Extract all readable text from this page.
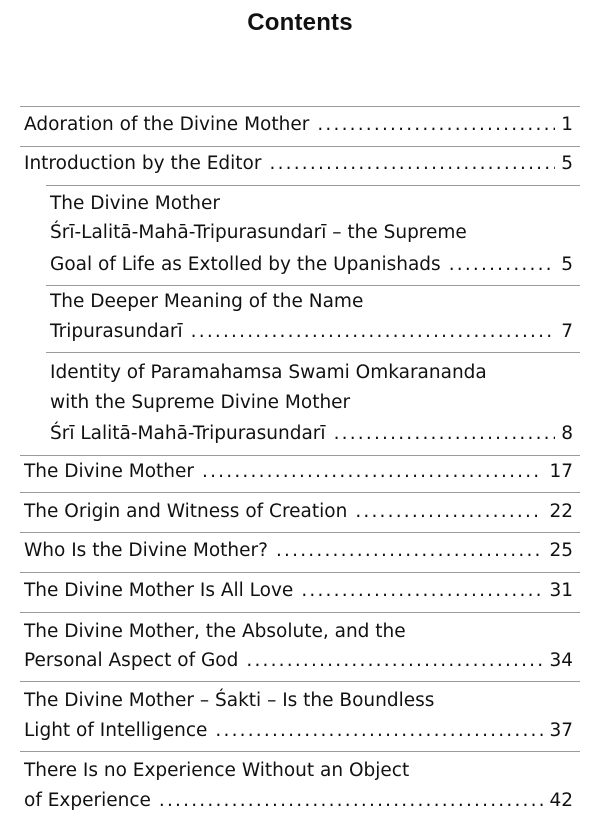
Contents
Adoration of the Divine Mother .....	1
Introduction by the Editor .....	5
The Divine Mother
Śrī-Lalitā-Mahā-Tripurasundarī – the Supreme
Goal of Life as Extolled by the Upanishads .....	5
The Deeper Meaning of the Name
Tripurasundarī .....	7
Identity of Paramahamsa Swami Omkarananda
with the Supreme Divine Mother
Śrī Lalitā-Mahā-Tripurasundarī .....	8
The Divine Mother .....	17
The Origin and Witness of Creation .....	22
Who Is the Divine Mother? .....	25
The Divine Mother Is All Love .....	31
The Divine Mother, the Absolute, and the
Personal Aspect of God .....	34
The Divine Mother – Śakti – Is the Boundless
Light of Intelligence .....	37
There Is no Experience Without an Object
of Experience .....	42
